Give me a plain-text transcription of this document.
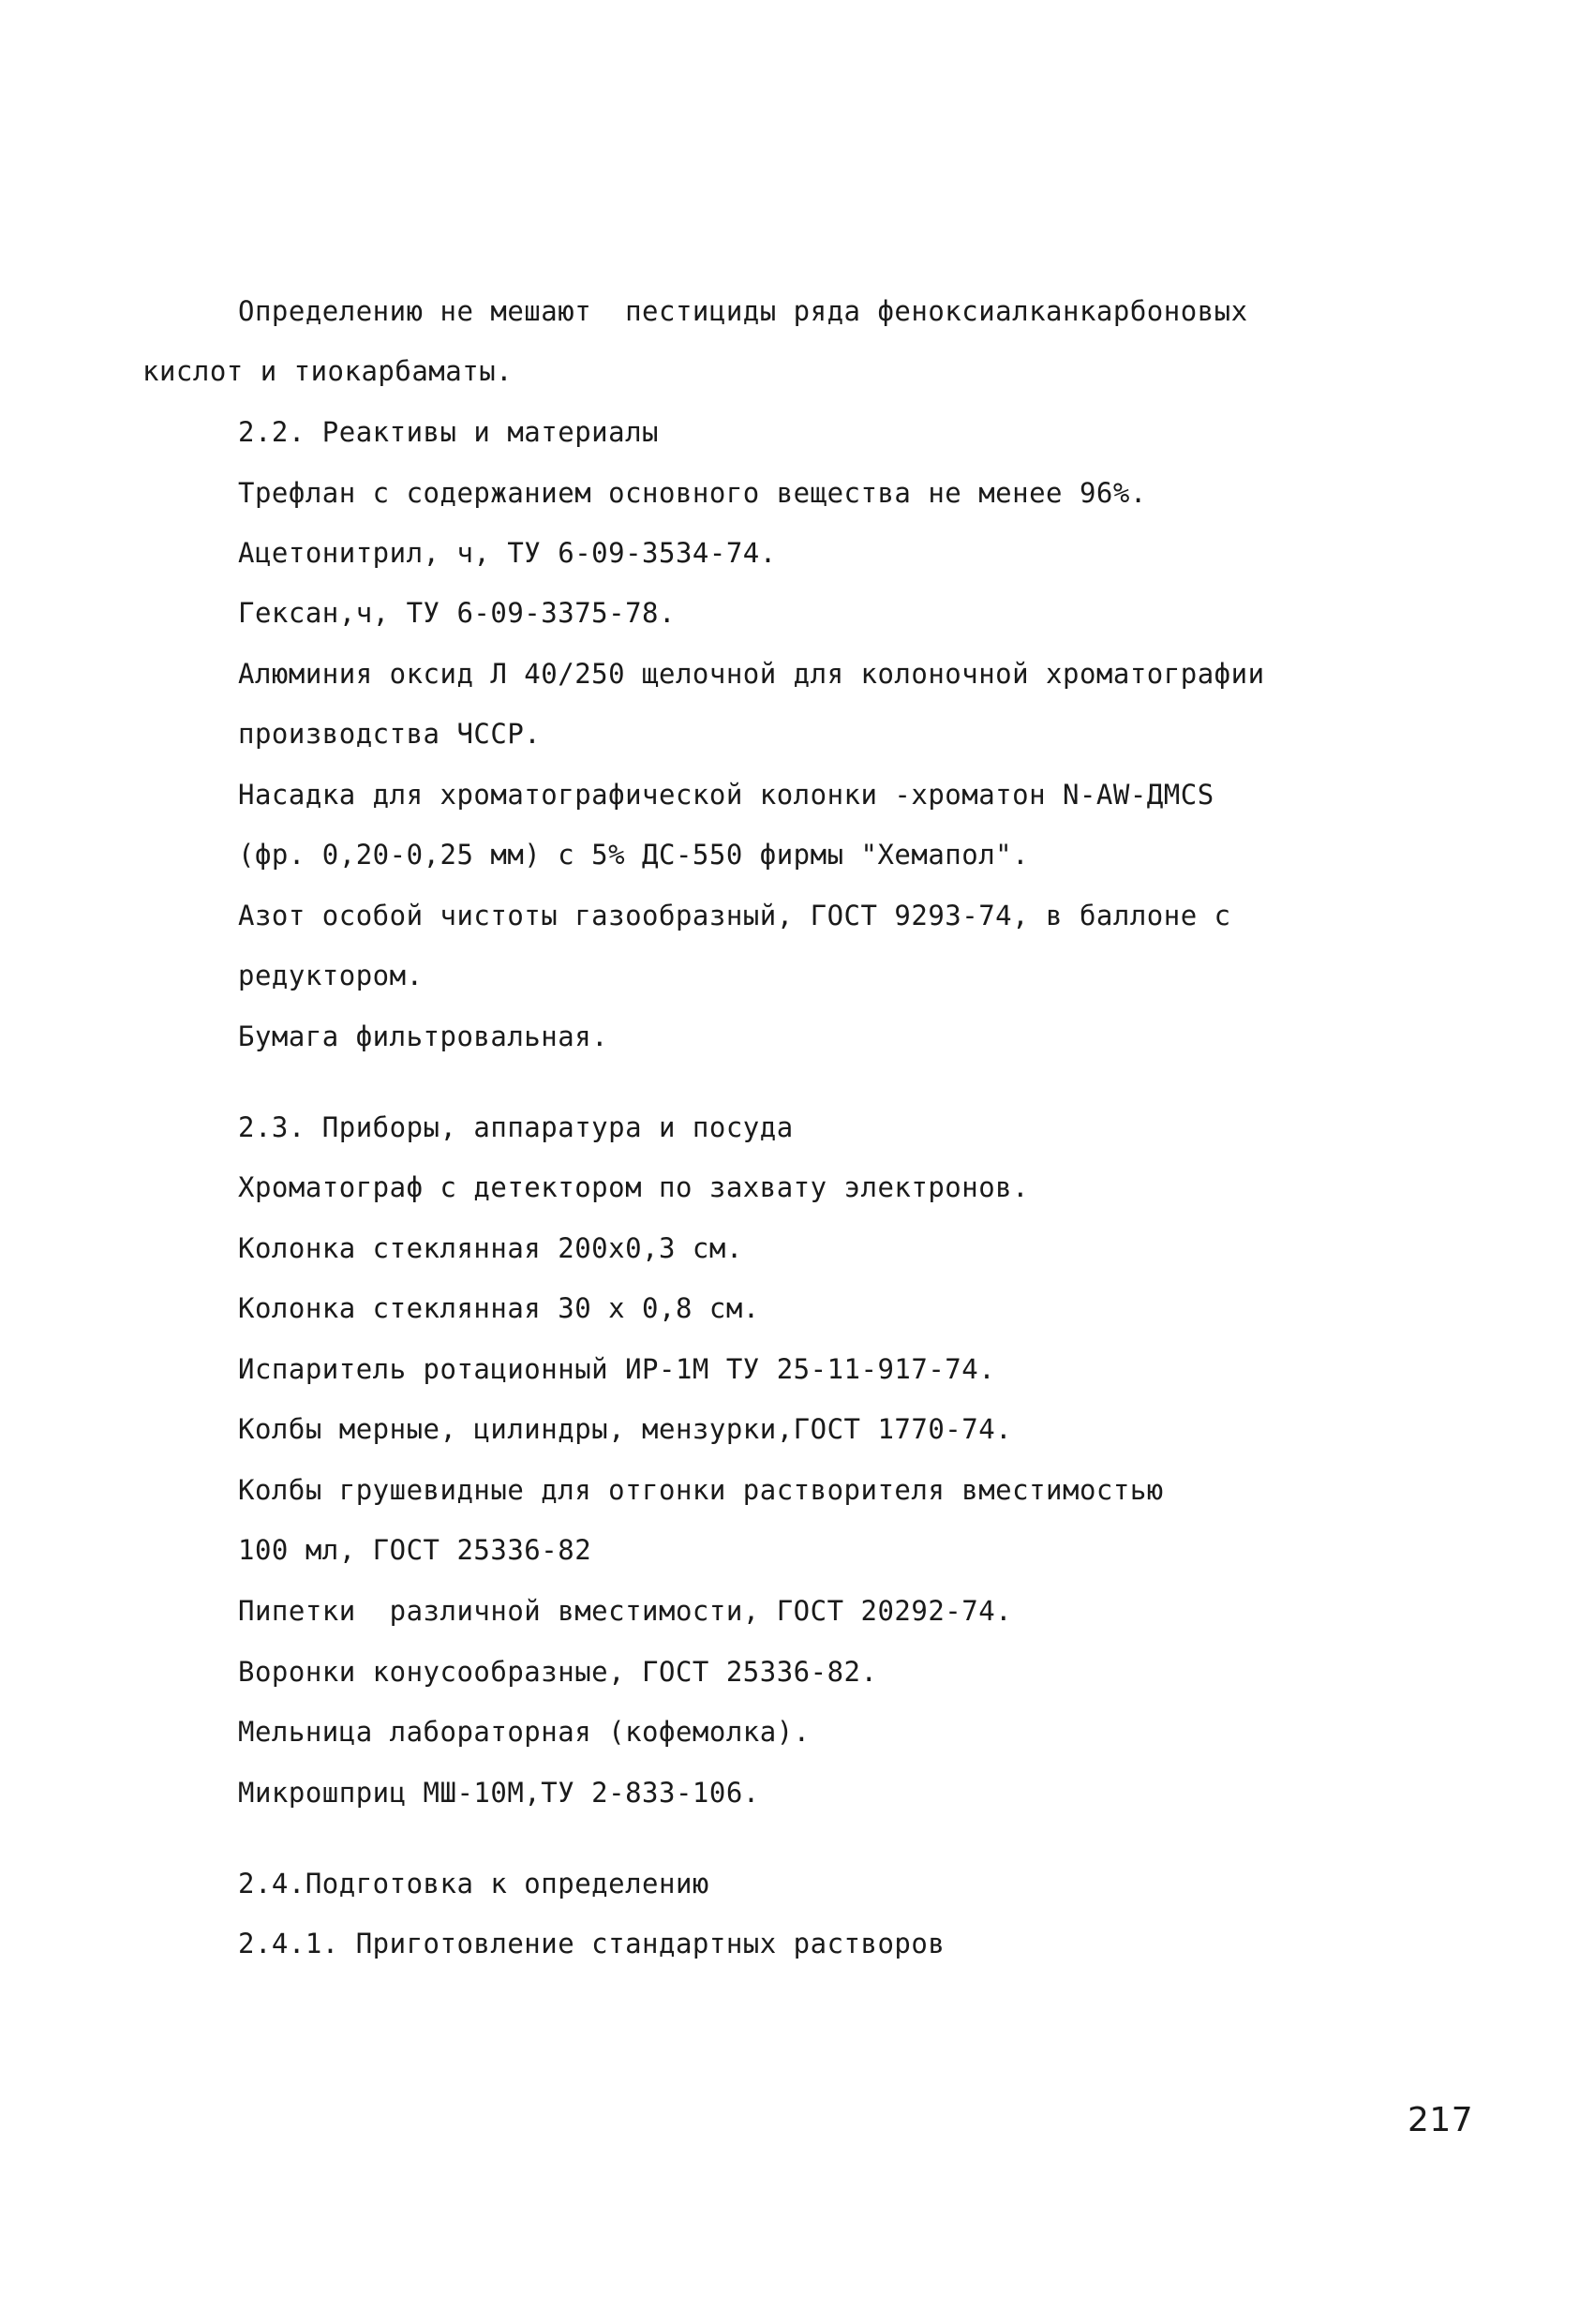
Определению не мешают  пестициды ряда феноксиалканкарбоновых
кислот и тиокарбаматы.
2.2. Реактивы и материалы
Трефлан с содержанием основного вещества не менее 96%.
Ацетонитрил, ч, ТУ 6-09-3534-74.
Гексан,ч, ТУ 6-09-3375-78.
Алюминия оксид Л 40/250 щелочной для колоночной хроматографии
производства ЧССР.
Насадка для хроматографической колонки -хроматон N-AW-ДМCS
(фр. 0,20-0,25 мм) с 5% ДС-550 фирмы "Хемапол".
Азот особой чистоты газообразный, ГОСТ 9293-74, в баллоне с
редуктором.
Бумага фильтровальная.
2.3. Приборы, аппаратура и посуда
Хроматограф с детектором по захвату электронов.
Колонка стеклянная 200х0,3 см.
Колонка стеклянная 30 х 0,8 см.
Испаритель ротационный ИР-1М ТУ 25-11-917-74.
Колбы мерные, цилиндры, мензурки,ГОСТ 1770-74.
Колбы грушевидные для отгонки растворителя вместимостью
100 мл, ГОСТ 25336-82
Пипетки  различной вместимости, ГОСТ 20292-74.
Воронки конусообразные, ГОСТ 25336-82.
Мельница лабораторная (кофемолка).
Микрошприц МШ-10М,ТУ 2-833-106.
2.4.Подготовка к определению
2.4.1. Приготовление стандартных растворов
217
